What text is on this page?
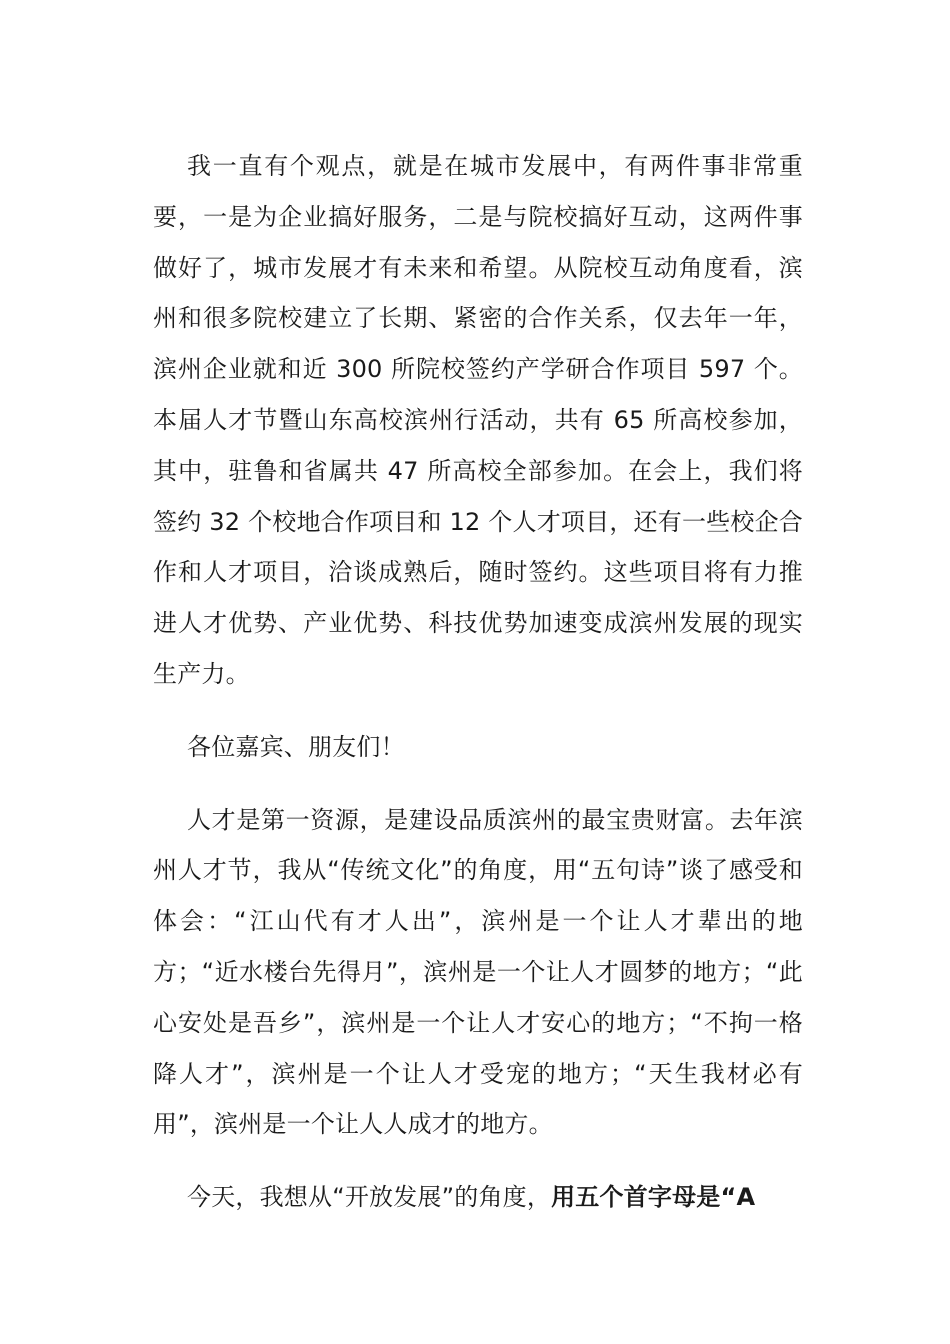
我一直有个观点，就是在城市发展中，有两件事非常重要，一是为企业搞好服务，二是与院校搞好互动，这两件事做好了，城市发展才有未来和希望。从院校互动角度看，滨州和很多院校建立了长期、紧密的合作关系，仅去年一年，滨州企业就和近 300 所院校签约产学研合作项目 597 个。本届人才节暨山东高校滨州行活动，共有 65 所高校参加，其中，驻鲁和省属共 47 所高校全部参加。在会上，我们将签约 32 个校地合作项目和 12 个人才项目，还有一些校企合作和人才项目，洽谈成熟后，随时签约。这些项目将有力推进人才优势、产业优势、科技优势加速变成滨州发展的现实生产力。

各位嘉宾、朋友们！

人才是第一资源，是建设品质滨州的最宝贵财富。去年滨州人才节，我从“传统文化”的角度，用“五句诗”谈了感受和体会：“江山代有才人出”，滨州是一个让人才辈出的地方；“近水楼台先得月”，滨州是一个让人才圆梦的地方；“此心安处是吾乡”，滨州是一个让人才安心的地方；“不拘一格降人才”，滨州是一个让人才受宠的地方；“天生我材必有用”，滨州是一个让人人成才的地方。

今天，我想从“开放发展”的角度，用五个首字母是“A
